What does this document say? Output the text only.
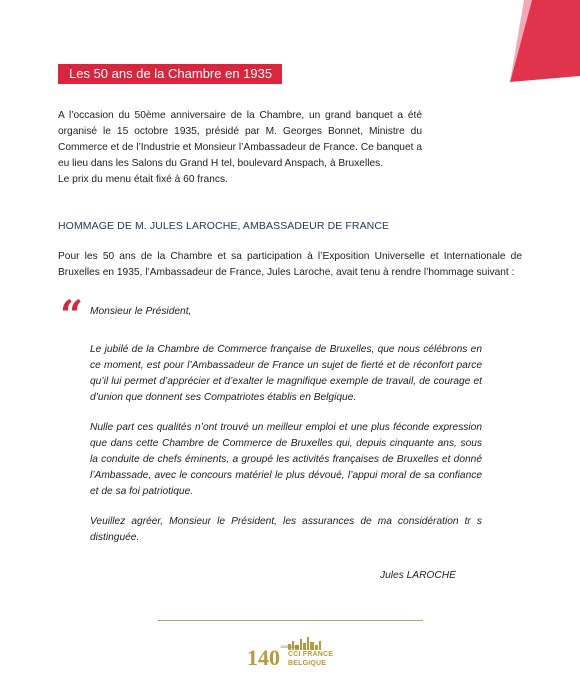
Les 50 ans de la Chambre en 1935

A l’occasion du 50ème anniversaire de la Chambre, un grand banquet a été organisé le 15 octobre 1935, présidé par M. Georges Bonnet, Ministre du Commerce et de l’Industrie et Monsieur l’Ambassadeur de France. Ce banquet a eu lieu dans les Salons du Grand H tel, boulevard Anspach, à Bruxelles.

Le prix du menu était fixé à 60 francs.

HOMMAGE DE M. JULES LAROCHE, AMBASSADEUR DE FRANCE
Pour les 50 ans de la Chambre et sa participation à l’Exposition Universelle et Internationale de Bruxelles en 1935, l’Ambassadeur de France, Jules Laroche, avait tenu à rendre l’hommage suivant :
“ Monsieur le Président,

Le jubilé de la Chambre de Commerce française de Bruxelles, que nous célébrons en ce moment, est pour l’Ambassadeur de France un sujet de fierté et de réconfort parce qu’il lui permet d’apprécier et d’exalter le magnifique exemple de travail, de courage et d’union que donnent ses Compatriotes établis en Belgique.

Nulle part ces qualités n’ont trouvé un meilleur emploi et une plus féconde expression que dans cette Chambre de Commerce de Bruxelles qui, depuis cinquante ans, sous la conduite de chefs éminents, a groupé les activités françaises de Bruxelles et donné l’Ambassade, avec le concours matériel le plus dévoué, l’appui moral de sa confiance et de sa foi patriotique.

Veuillez agréer, Monsieur le Président, les assurances de ma considération tr s distinguée.

Jules LAROCHE
140 1885-2025
CCI FRANCE
BELGIQUE
